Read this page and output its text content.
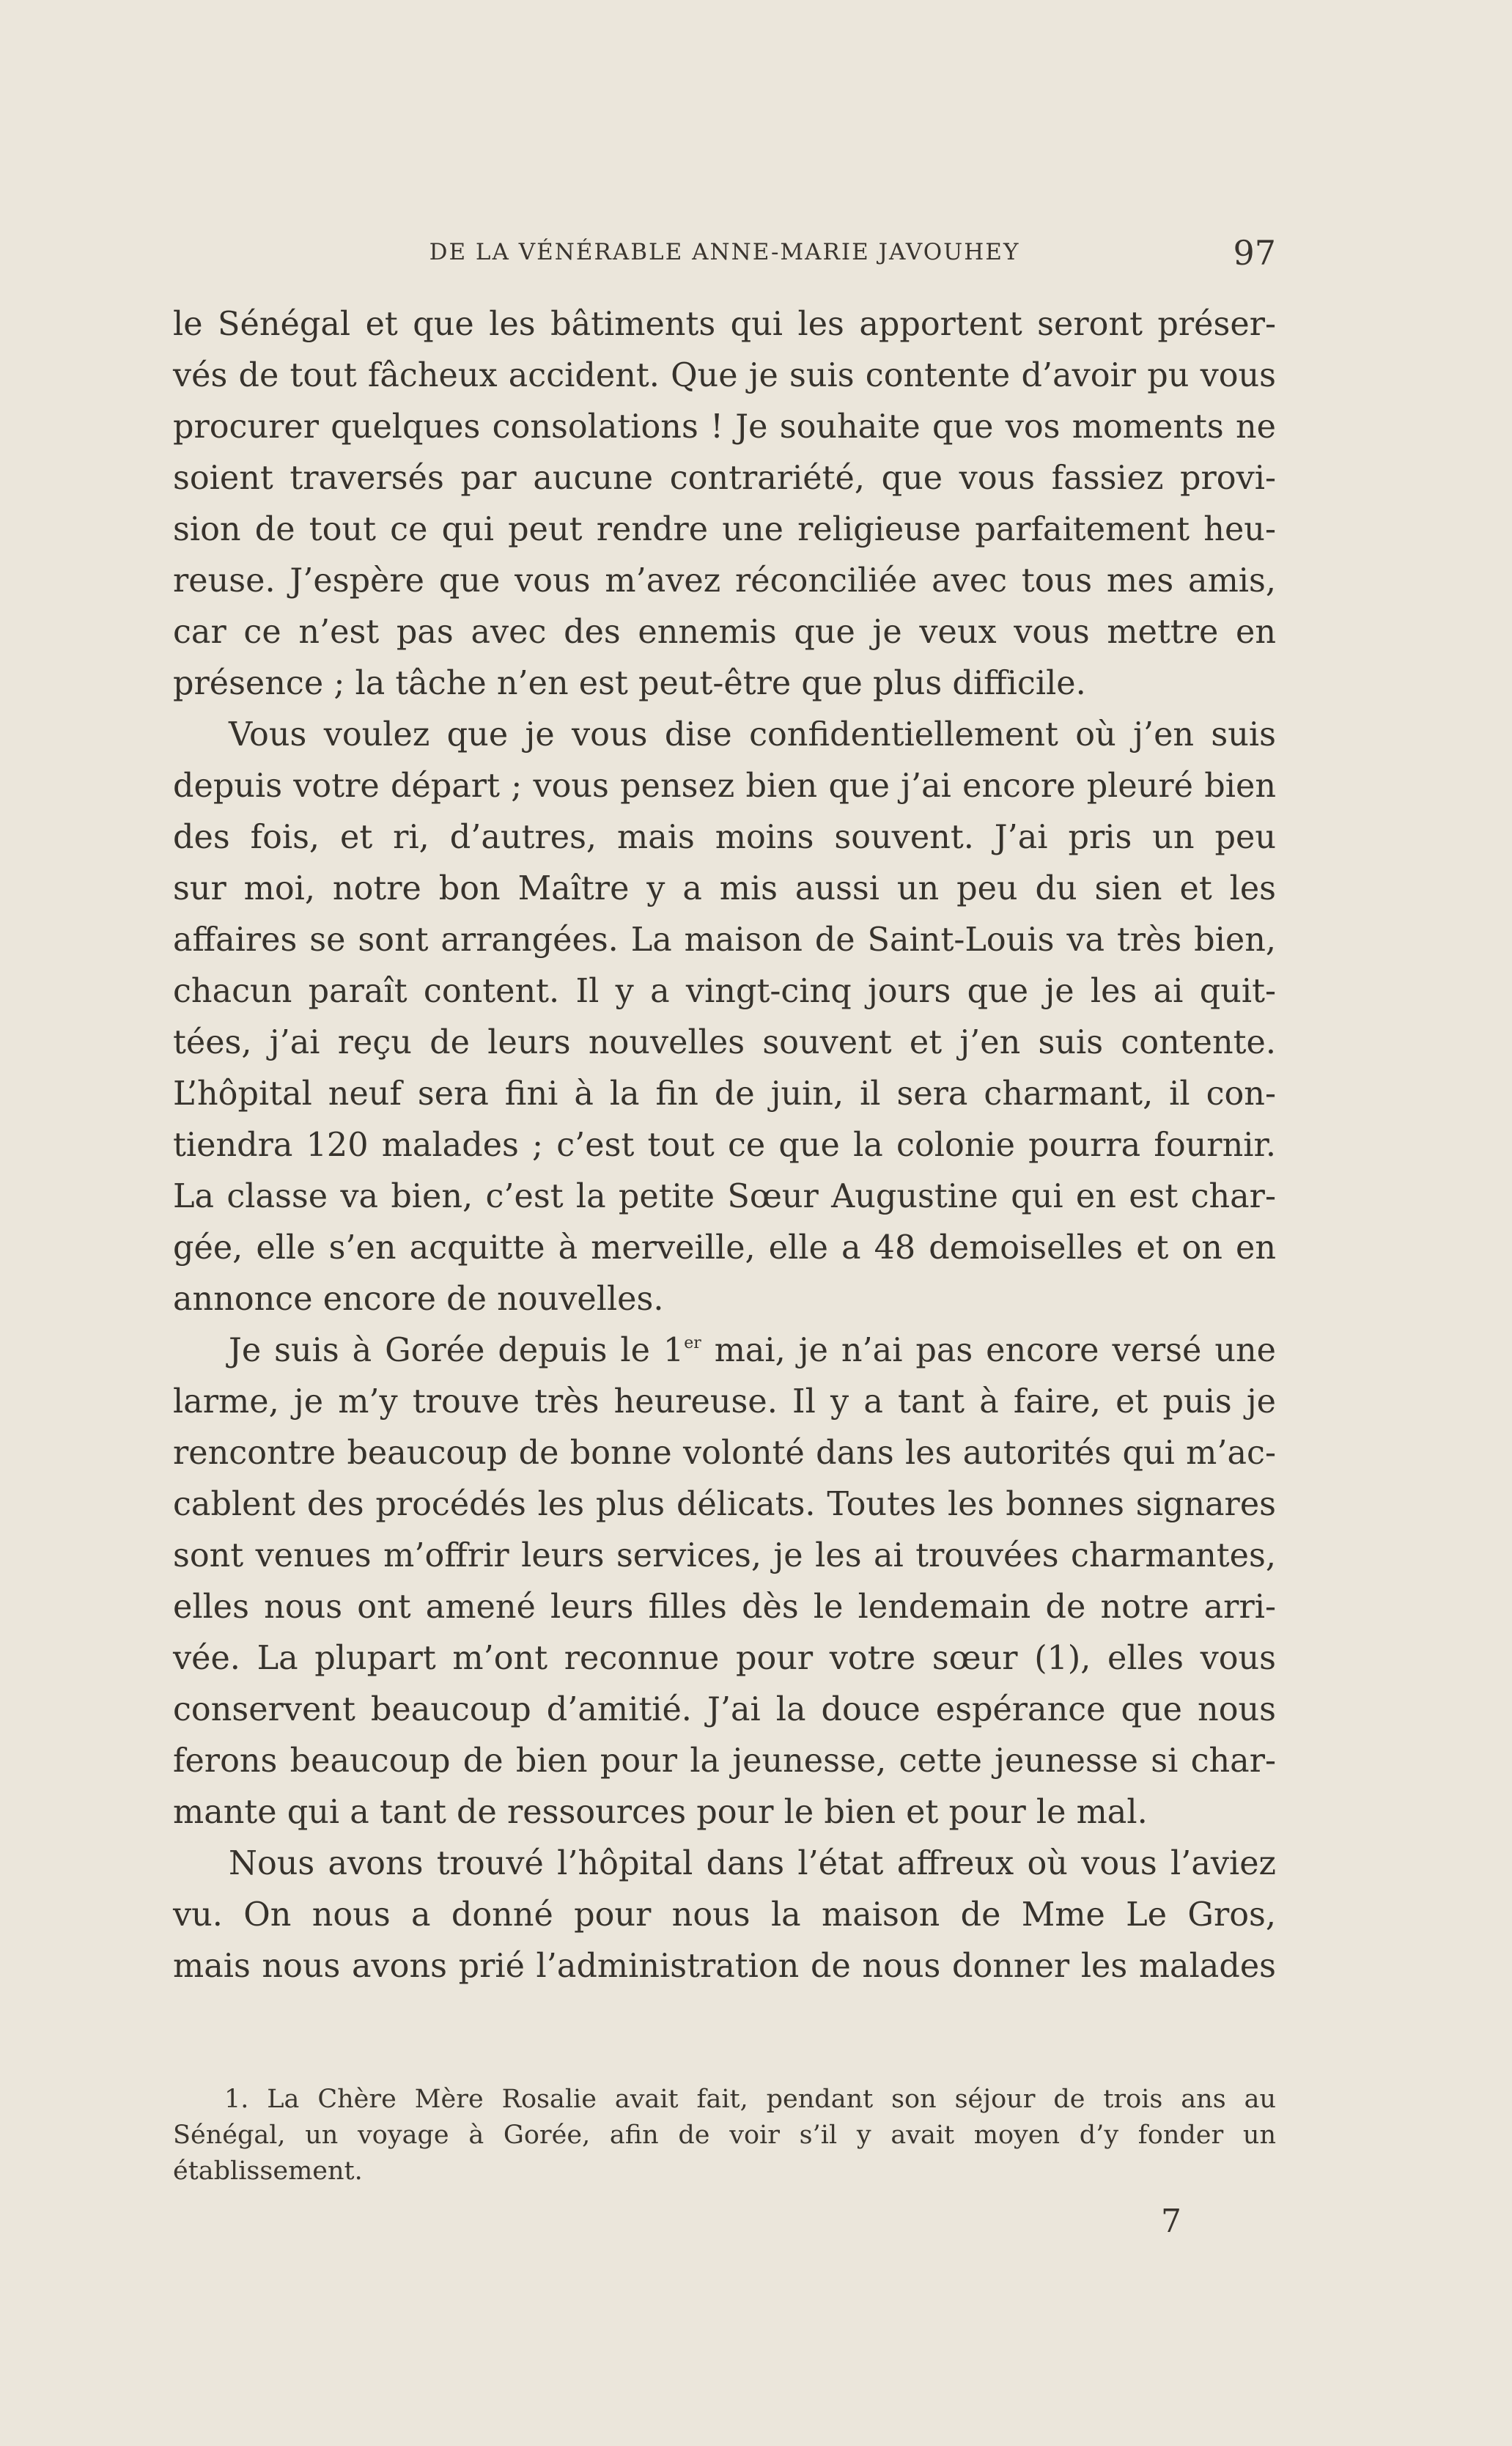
DE LA VÉNÉRABLE ANNE-MARIE JAVOUHEY	97
le Sénégal et que les bâtiments qui les apportent seront préser-
vés de tout fâcheux accident. Que je suis contente d’avoir pu vous
procurer quelques consolations ! Je souhaite que vos moments ne
soient traversés par aucune contrariété, que vous fassiez provi-
sion de tout ce qui peut rendre une religieuse parfaitement heu-
reuse. J’espère que vous m’avez réconciliée avec tous mes amis,
car ce n’est pas avec des ennemis que je veux vous mettre en
présence ; la tâche n’en est peut-être que plus difficile.
Vous voulez que je vous dise confidentiellement où j’en suis
depuis votre départ ; vous pensez bien que j’ai encore pleuré bien
des fois, et ri, d’autres, mais moins souvent. J’ai pris un peu
sur moi, notre bon Maître y a mis aussi un peu du sien et les
affaires se sont arrangées. La maison de Saint-Louis va très bien,
chacun paraît content. Il y a vingt-cinq jours que je les ai quit-
tées, j’ai reçu de leurs nouvelles souvent et j’en suis contente.
L’hôpital neuf sera fini à la fin de juin, il sera charmant, il con-
tiendra 120 malades ; c’est tout ce que la colonie pourra fournir.
La classe va bien, c’est la petite Sœur Augustine qui en est char-
gée, elle s’en acquitte à merveille, elle a 48 demoiselles et on en
annonce encore de nouvelles.
Je suis à Gorée depuis le 1er mai, je n’ai pas encore versé une
larme, je m’y trouve très heureuse. Il y a tant à faire, et puis je
rencontre beaucoup de bonne volonté dans les autorités qui m’ac-
cablent des procédés les plus délicats. Toutes les bonnes signares
sont venues m’offrir leurs services, je les ai trouvées charmantes,
elles nous ont amené leurs filles dès le lendemain de notre arri-
vée. La plupart m’ont reconnue pour votre sœur (1), elles vous
conservent beaucoup d’amitié. J’ai la douce espérance que nous
ferons beaucoup de bien pour la jeunesse, cette jeunesse si char-
mante qui a tant de ressources pour le bien et pour le mal.
Nous avons trouvé l’hôpital dans l’état affreux où vous l’aviez
vu. On nous a donné pour nous la maison de Mme Le Gros,
mais nous avons prié l’administration de nous donner les malades
1. La Chère Mère Rosalie avait fait, pendant son séjour de trois ans au
Sénégal, un voyage à Gorée, afin de voir s’il y avait moyen d’y fonder un
établissement.
7
